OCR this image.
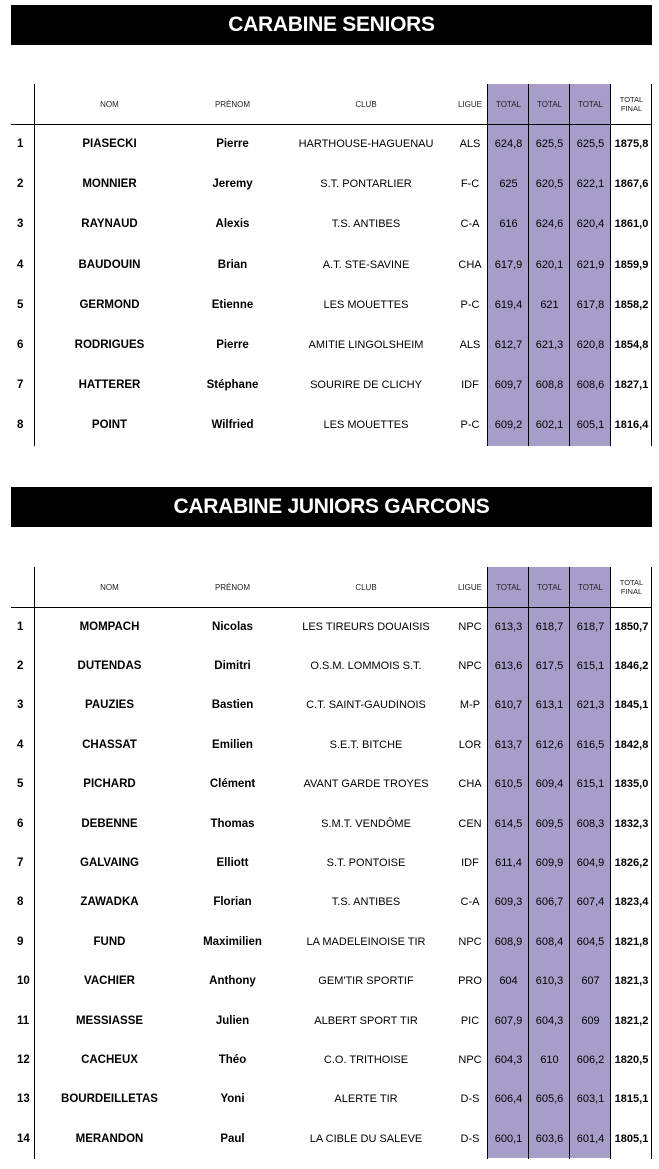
CARABINE SENIORS
NOM	PRÉNOM	CLUB	LIGUE	TOTAL	TOTAL	TOTAL	TOTAL FINAL
1	PIASECKI	Pierre	HARTHOUSE-HAGUENAU	ALS	624,8	625,5	625,5 1875,8
2	MONNIER	Jeremy	S.T. PONTARLIER	F-C	625	620,5	622,1 1867,6
3	RAYNAUD	Alexis	T.S. ANTIBES	C-A	616	624,6	620,4 1861,0
4	BAUDOUIN	Brian	A.T. STE-SAVINE	CHA	617,9	620,1	621,9 1859,9
5	GERMOND	Etienne	LES MOUETTES	P-C	619,4	621	617,8 1858,2
6	RODRIGUES	Pierre	AMITIE LINGOLSHEIM	ALS	612,7	621,3	620,8 1854,8
7	HATTERER	Stéphane	SOURIRE DE CLICHY	IDF	609,7	608,8	608,6 1827,1
8	POINT	Wilfried	LES MOUETTES	P-C	609,2	602,1	605,1 1816,4
CARABINE JUNIORS GARCONS
NOM	PRÉNOM	CLUB	LIGUE	TOTAL	TOTAL	TOTAL	TOTAL FINAL
1	MOMPACH	Nicolas	LES TIREURS DOUAISIS	NPC	613,3	618,7	618,7 1850,7
2	DUTENDAS	Dimitri	O.S.M. LOMMOIS S.T.	NPC	613,6	617,5	615,1 1846,2
3	PAUZIES	Bastien	C.T. SAINT-GAUDINOIS	M-P	610,7	613,1	621,3 1845,1
4	CHASSAT	Emilien	S.E.T. BITCHE	LOR	613,7	612,6	616,5 1842,8
5	PICHARD	Clément	AVANT GARDE TROYES	CHA	610,5	609,4	615,1 1835,0
6	DEBENNE	Thomas	S.M.T. VENDÔME	CEN	614,5	609,5	608,3 1832,3
7	GALVAING	Elliott	S.T. PONTOISE	IDF	611,4	609,9	604,9 1826,2
8	ZAWADKA	Florian	T.S. ANTIBES	C-A	609,3	606,7	607,4 1823,4
9	FUND	Maximilien	LA MADELEINOISE TIR	NPC	608,9	608,4	604,5 1821,8
10	VACHIER	Anthony	GEM'TIR SPORTIF	PRO	604	610,3	607	1821,3
11	MESSIASSE	Julien	ALBERT SPORT TIR	PIC	607,9	604,3	609	1821,2
12	CACHEUX	Théo	C.O. TRITHOISE	NPC	604,3	610	606,2 1820,5
13	BOURDEILLETAS	Yoni	ALERTE TIR	D-S	606,4	605,6	603,1 1815,1
14	MERANDON	Paul	LA CIBLE DU SALEVE	D-S	600,1	603,6	601,4 1805,1
